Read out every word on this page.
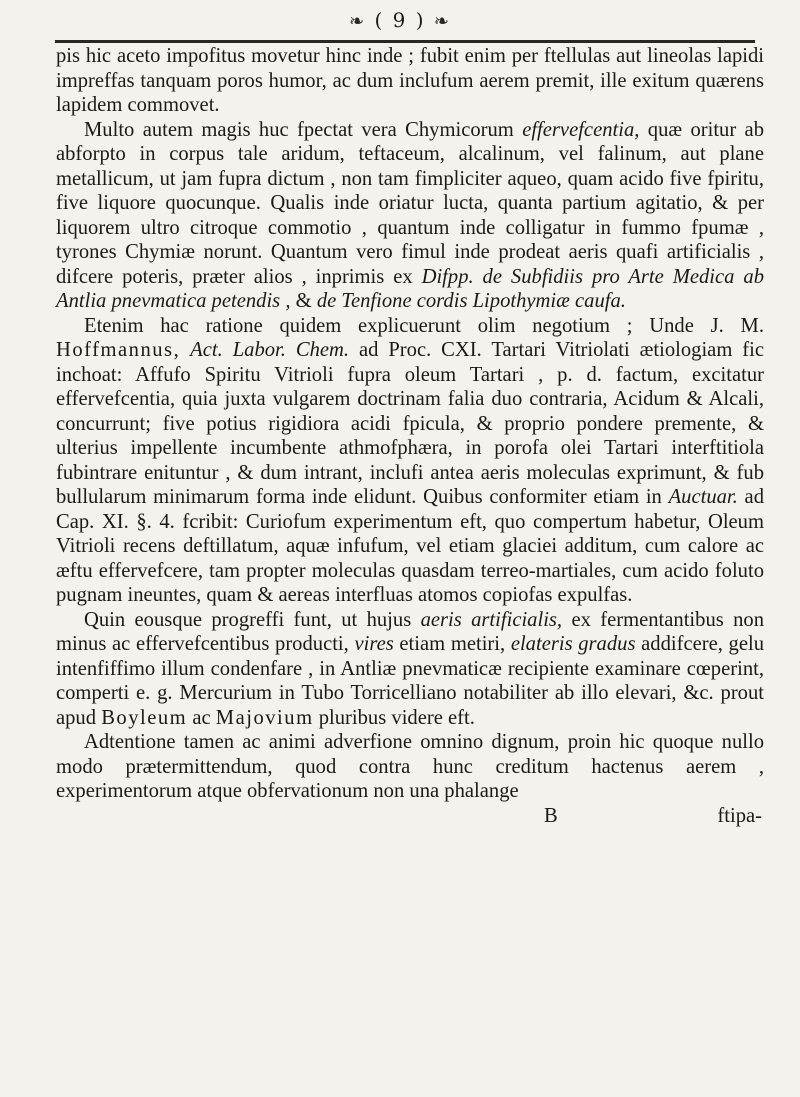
❧ ( 9 ) ❧

pis hic aceto impofitus movetur hinc inde ; fubit enim per ftellulas aut lineolas lapidi impreffas tanquam poros humor, ac dum inclufum aerem premit, ille exitum quærens lapidem commovet.

Multo autem magis huc fpectat vera Chymicorum effervefcentia, quæ oritur ab abforpto in corpus tale aridum, teftaceum, alcalinum, vel falinum, aut plane metallicum, ut jam fupra dictum , non tam fimpliciter aqueo, quam acido five fpiritu, five liquore quocunque. Qualis inde oriatur lucta, quanta partium agitatio, & per liquorem ultro citroque commotio , quantum inde colligatur in fummo fpumæ , tyrones Chymiæ norunt. Quantum vero fimul inde prodeat aeris quafi artificialis , difcere poteris, præter alios , inprimis ex Difpp. de Subfidiis pro Arte Medica ab Antlia pnevmatica petendis , & de Tenfione cordis Lipothymiæ caufa.

Etenim hac ratione quidem explicuerunt olim negotium ; Unde J. M. Hoffmannus, Act. Labor. Chem. ad Proc. CXI. Tartari Vitriolati ætiologiam fic inchoat: Affufo Spiritu Vitrioli fupra oleum Tartari , p. d. factum, excitatur effervefcentia, quia juxta vulgarem doctrinam falia duo contraria, Acidum & Alcali, concurrunt; five potius rigidiora acidi fpicula, & proprio pondere premente, & ulterius impellente incumbente athmofphæra, in porofa olei Tartari interftitiola fubintrare enituntur , & dum intrant, inclufi antea aeris moleculas exprimunt, & fub bullularum minimarum forma inde elidunt. Quibus conformiter etiam in Auctuar. ad Cap. XI. §. 4. fcribit: Curiofum experimentum eft, quo compertum habetur, Oleum Vitrioli recens deftillatum, aquæ infufum, vel etiam glaciei additum, cum calore ac æftu effervefcere, tam propter moleculas quasdam terreo-martiales, cum acido foluto pugnam ineuntes, quam & aereas interfluas atomos copiofas expulfas.

Quin eousque progreffi funt, ut hujus aeris artificialis, ex fermentantibus non minus ac effervefcentibus producti, vires etiam metiri, elateris gradus addifcere, gelu intenfiffimo illum condenfare , in Antliæ pnevmaticæ recipiente examinare cœperint, comperti e. g. Mercurium in Tubo Torricelliano notabiliter ab illo elevari, &c. prout apud Boyleum ac Majovium pluribus videre eft.

Adtentione tamen ac animi adverfione omnino dignum, proin hic quoque nullo modo prætermittendum, quod contra hunc creditum hactenus aerem , experimentorum atque obfervationum non una phalange

B	ftipa-
